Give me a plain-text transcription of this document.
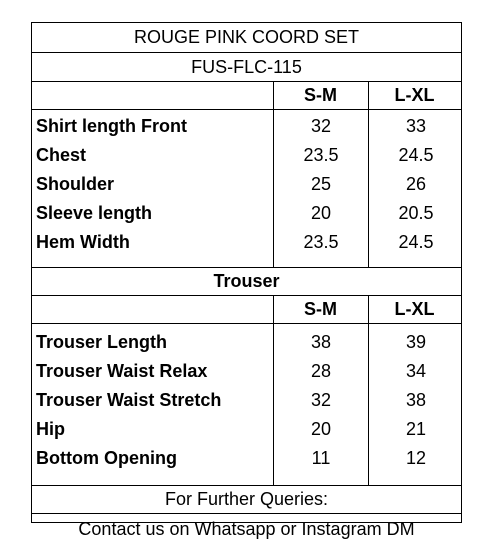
ROUGE PINK COORD SET
FUS-FLC-115
S-M	L-XL
Shirt length Front	32	33
Chest	23.5	24.5
Shoulder	25	26
Sleeve length	20	20.5
Hem Width	23.5	24.5
Trouser
S-M	L-XL
Trouser Length	38	39
Trouser Waist Relax	28	34
Trouser Waist Stretch	32	38
Hip	20	21
Bottom Opening	11	12
For Further Queries:
Contact us on Whatsapp or Instagram DM
